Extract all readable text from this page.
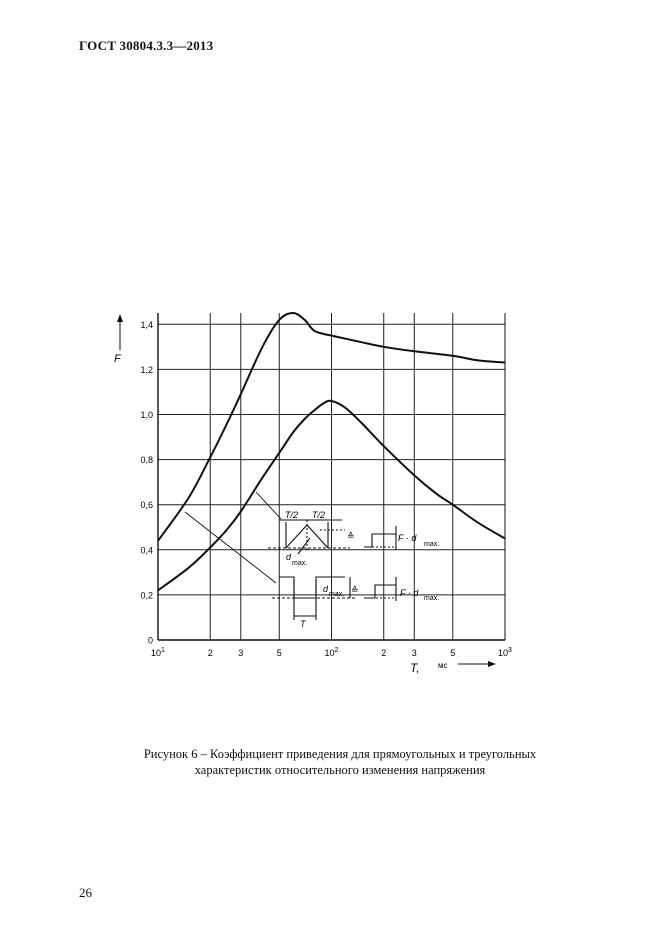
ГОСТ 30804.3.3—2013
0
0,2
0,4
0,6
0,8
1,0
1,2
1,4
$10^1$	2	3	5	$10^2$	2	3	5	$10^3$
F
T, мс
T/2 T/2
d
max.
≙	F · d
max.
T
d
max. ≙	F · d
max.
Рисунок 6 – Коэффициент приведения для прямоугольных и треугольных
характеристик относительного изменения напряжения
26
